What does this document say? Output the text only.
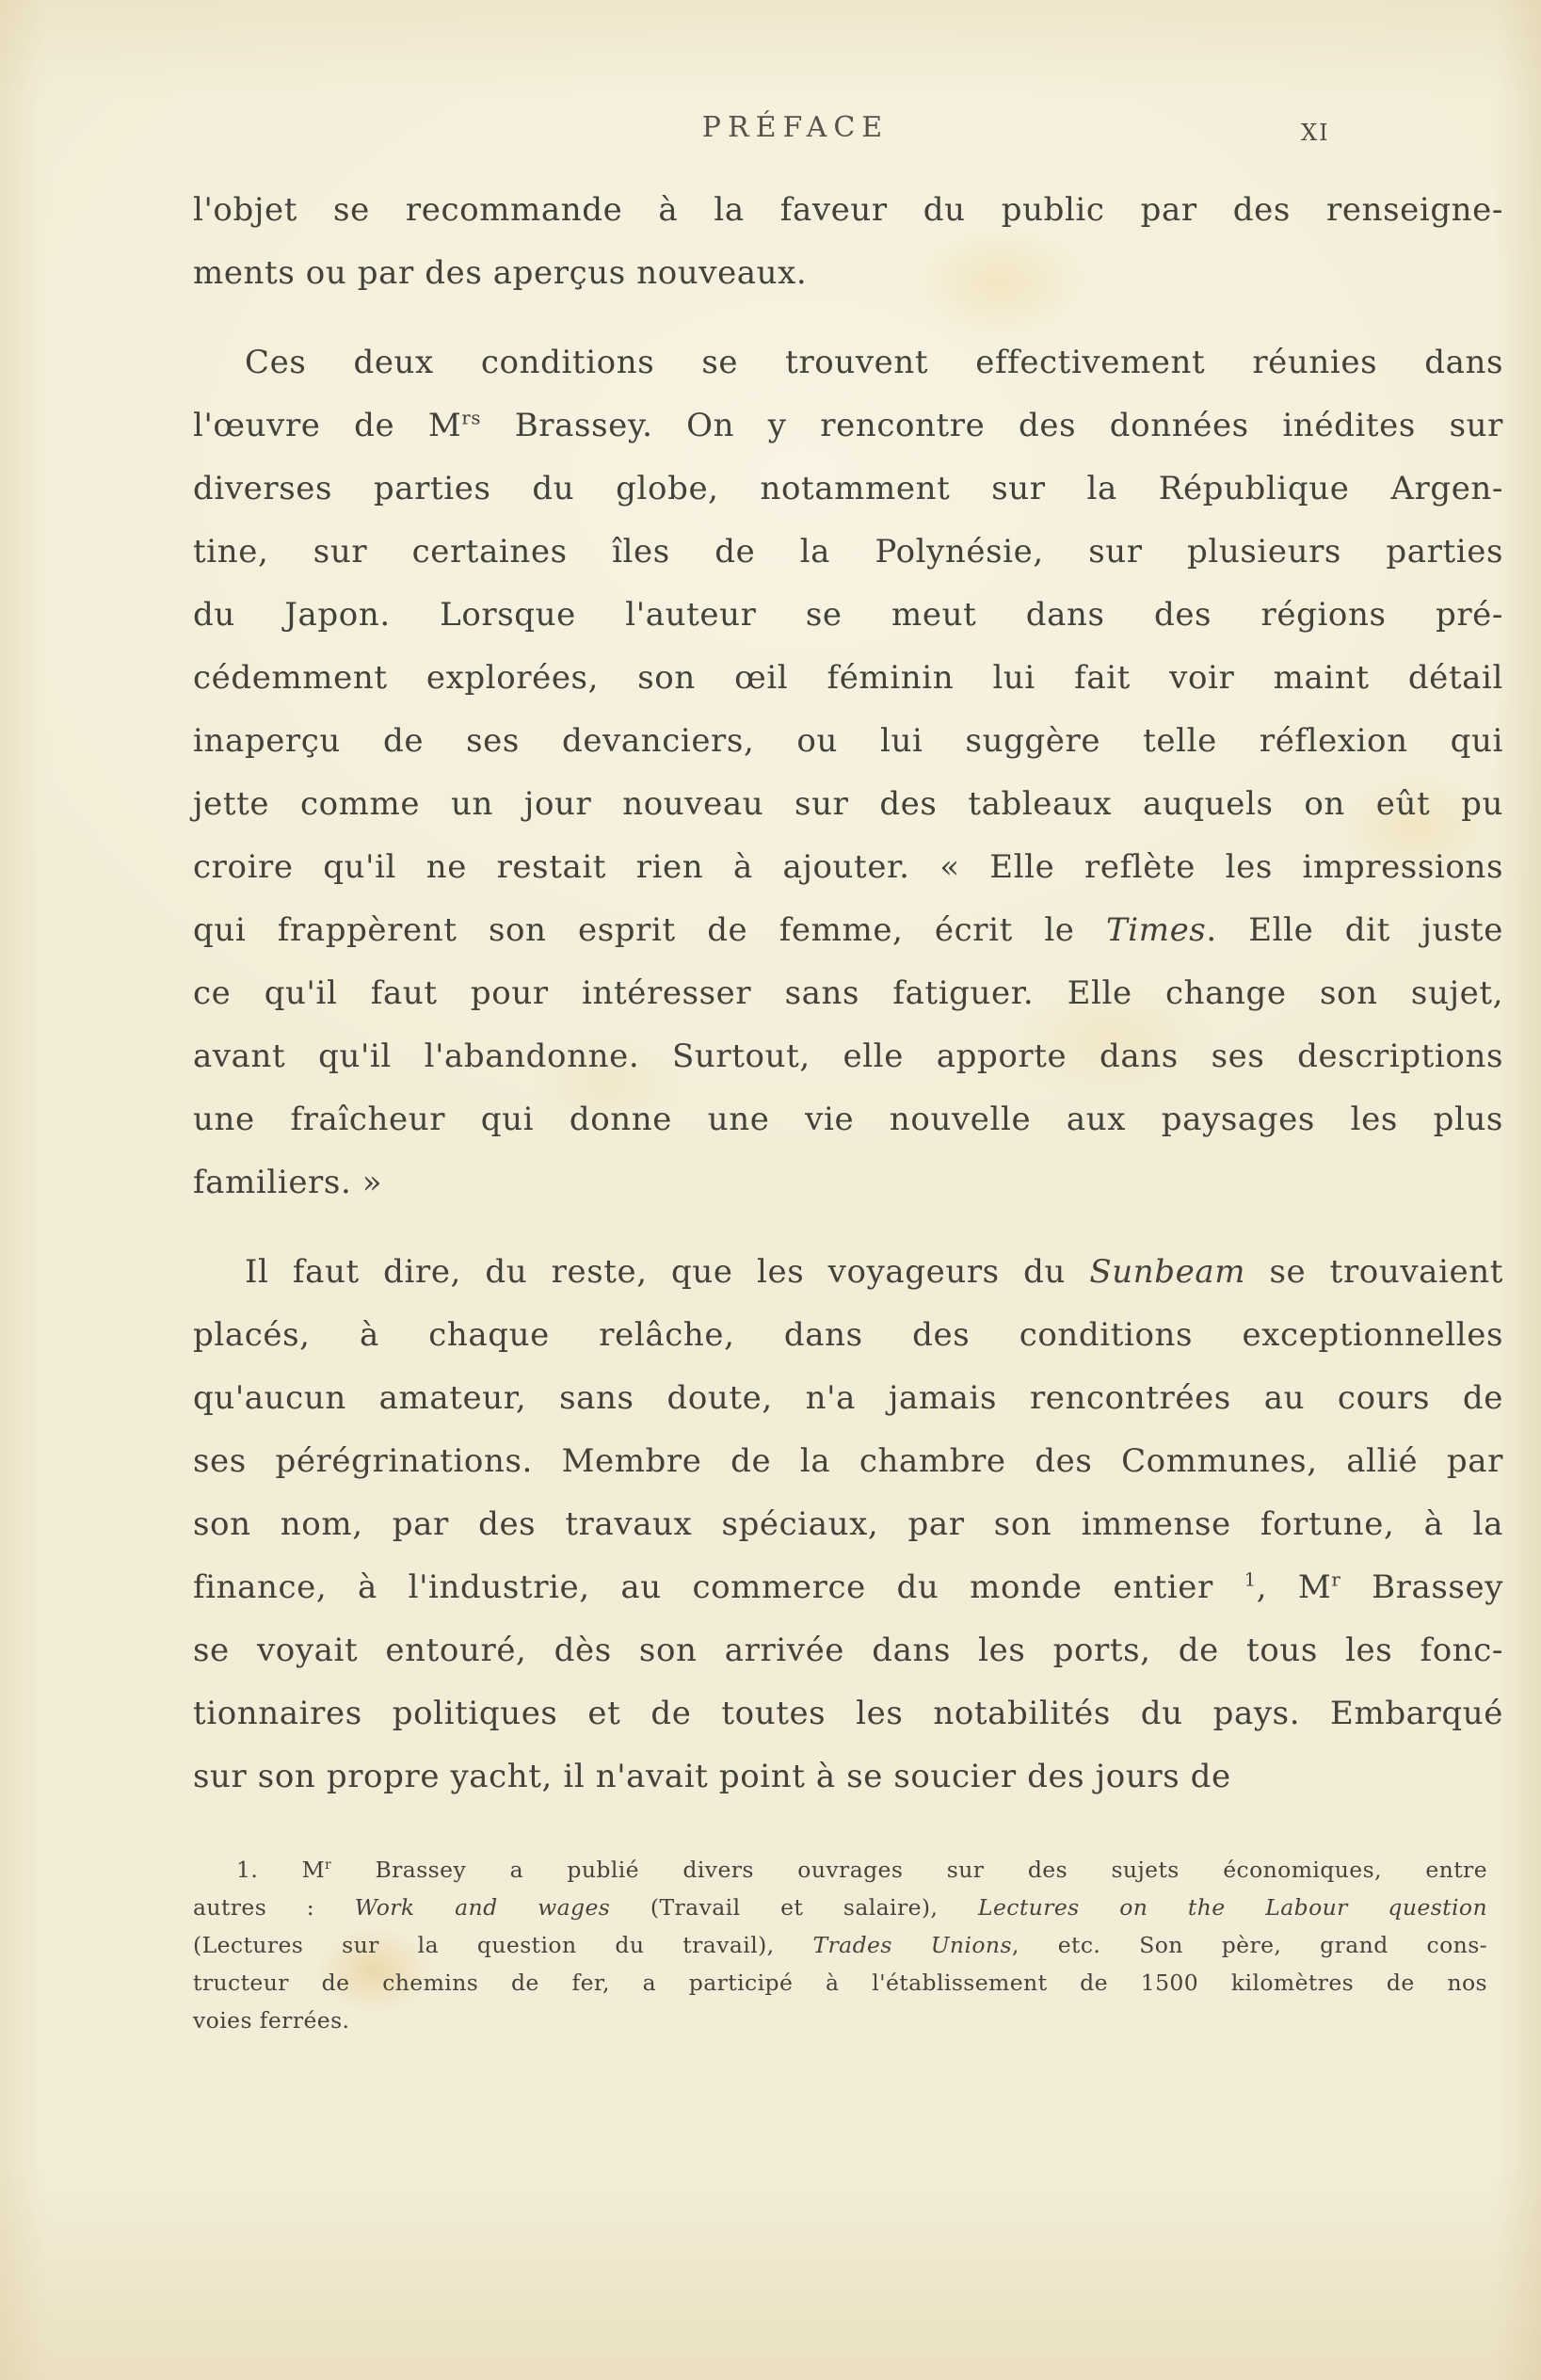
PRÉFACE	XI
l'objet se recommande à la faveur du public par des renseigne-
ments ou par des aperçus nouveaux.
Ces deux conditions se trouvent effectivement réunies dans
l'œuvre de $M^{rs}$ Brassey. On y rencontre des données inédites sur
diverses parties du globe, notamment sur la République Argen-
tine, sur certaines îles de la Polynésie, sur plusieurs parties
du Japon. Lorsque l'auteur se meut dans des régions pré-
cédemment explorées, son œil féminin lui fait voir maint détail
inaperçu de ses devanciers, ou lui suggère telle réflexion qui
jette comme un jour nouveau sur des tableaux auquels on eût pu
croire qu'il ne restait rien à ajouter. « Elle reflète les impressions
qui frappèrent son esprit de femme, écrit le Times. Elle dit juste
ce qu'il faut pour intéresser sans fatiguer. Elle change son sujet,
avant qu'il l'abandonne. Surtout, elle apporte dans ses descriptions
une fraîcheur qui donne une vie nouvelle aux paysages les plus
familiers. »
Il faut dire, du reste, que les voyageurs du Sunbeam se trouvaient
placés, à chaque relâche, dans des conditions exceptionnelles
qu'aucun amateur, sans doute, n'a jamais rencontrées au cours de
ses pérégrinations. Membre de la chambre des Communes, allié par
son nom, par des travaux spéciaux, par son immense fortune, à la
finance, à l'industrie, au commerce du monde entier $^1$, $M^r$ Brassey
se voyait entouré, dès son arrivée dans les ports, de tous les fonc-
tionnaires politiques et de toutes les notabilités du pays. Embarqué
sur son propre yacht, il n'avait point à se soucier des jours de
1. $M^r$ Brassey a publié divers ouvrages sur des sujets économiques, entre
autres : Work and wages (Travail et salaire), Lectures on the Labour question
(Lectures sur la question du travail), Trades Unions, etc. Son père, grand cons-
tructeur de chemins de fer, a participé à l'établissement de 1500 kilomètres de nos
voies ferrées.
